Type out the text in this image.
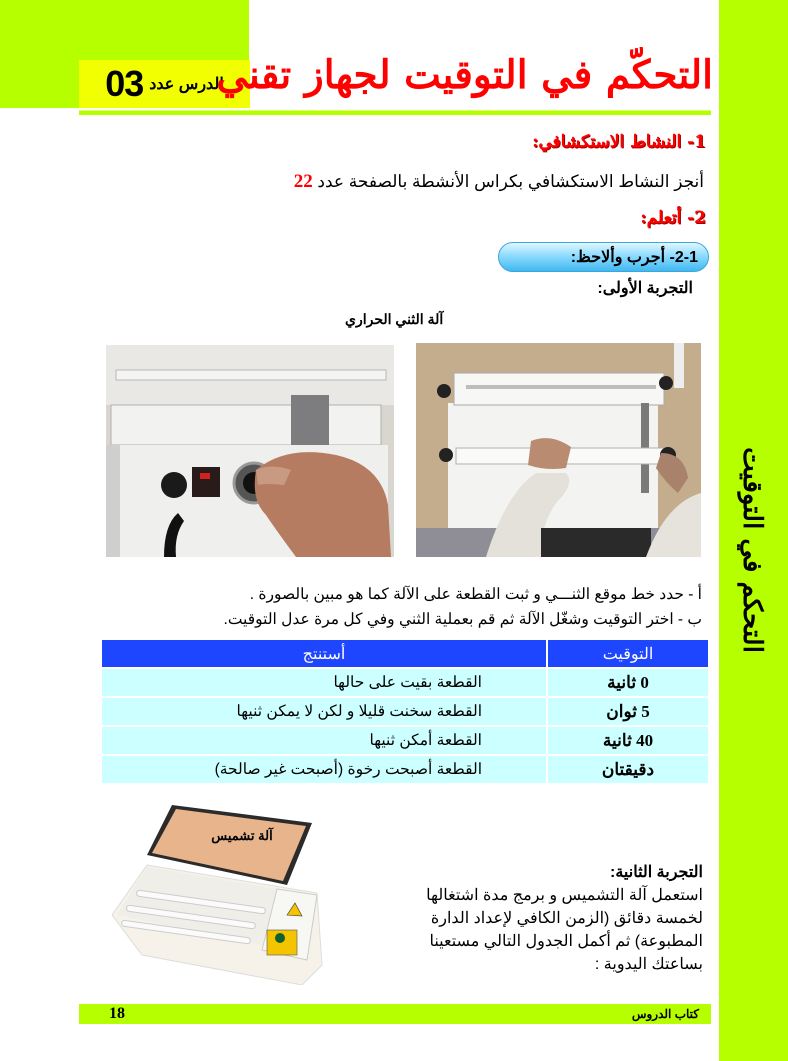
الدرس عدد
03 التحكّم في التوقيت لجهاز تقني
التحكم في التوقيت
1- النشاط الاستكشافي:
أنجز النشاط الاستكشافي بكراس الأنشطة بالصفحة عدد 22
2- أتعلم:
2-1- أجرب وألاحظ:
التجربة الأولى:
آلة الثني الحراري
أ - حدد خط موقع الثنـــي و ثبت القطعة على الآلة كما هو مبين بالصورة .
ب - اختر التوقيت وشغّل الآلة ثم قم بعملية الثني وفي كل مرة عدل التوقيت.
التوقيت	أستنتج
0 ثانية	القطعة بقيت على حالها
5 ثوان	القطعة سخنت قليلا و لكن لا يمكن ثنيها
40 ثانية	القطعة أمكن ثنيها
دقيقتان	القطعة أصبحت رخوة (أصبحت غير صالحة)
آلة تشميس
التجربة الثانية:
استعمل آلة التشميس و برمج مدة اشتغالها لخمسة دقائق (الزمن الكافي لإعداد الدارة المطبوعة) ثم أكمل الجدول التالي مستعينا بساعتك اليدوية :
18	كتاب الدروس
